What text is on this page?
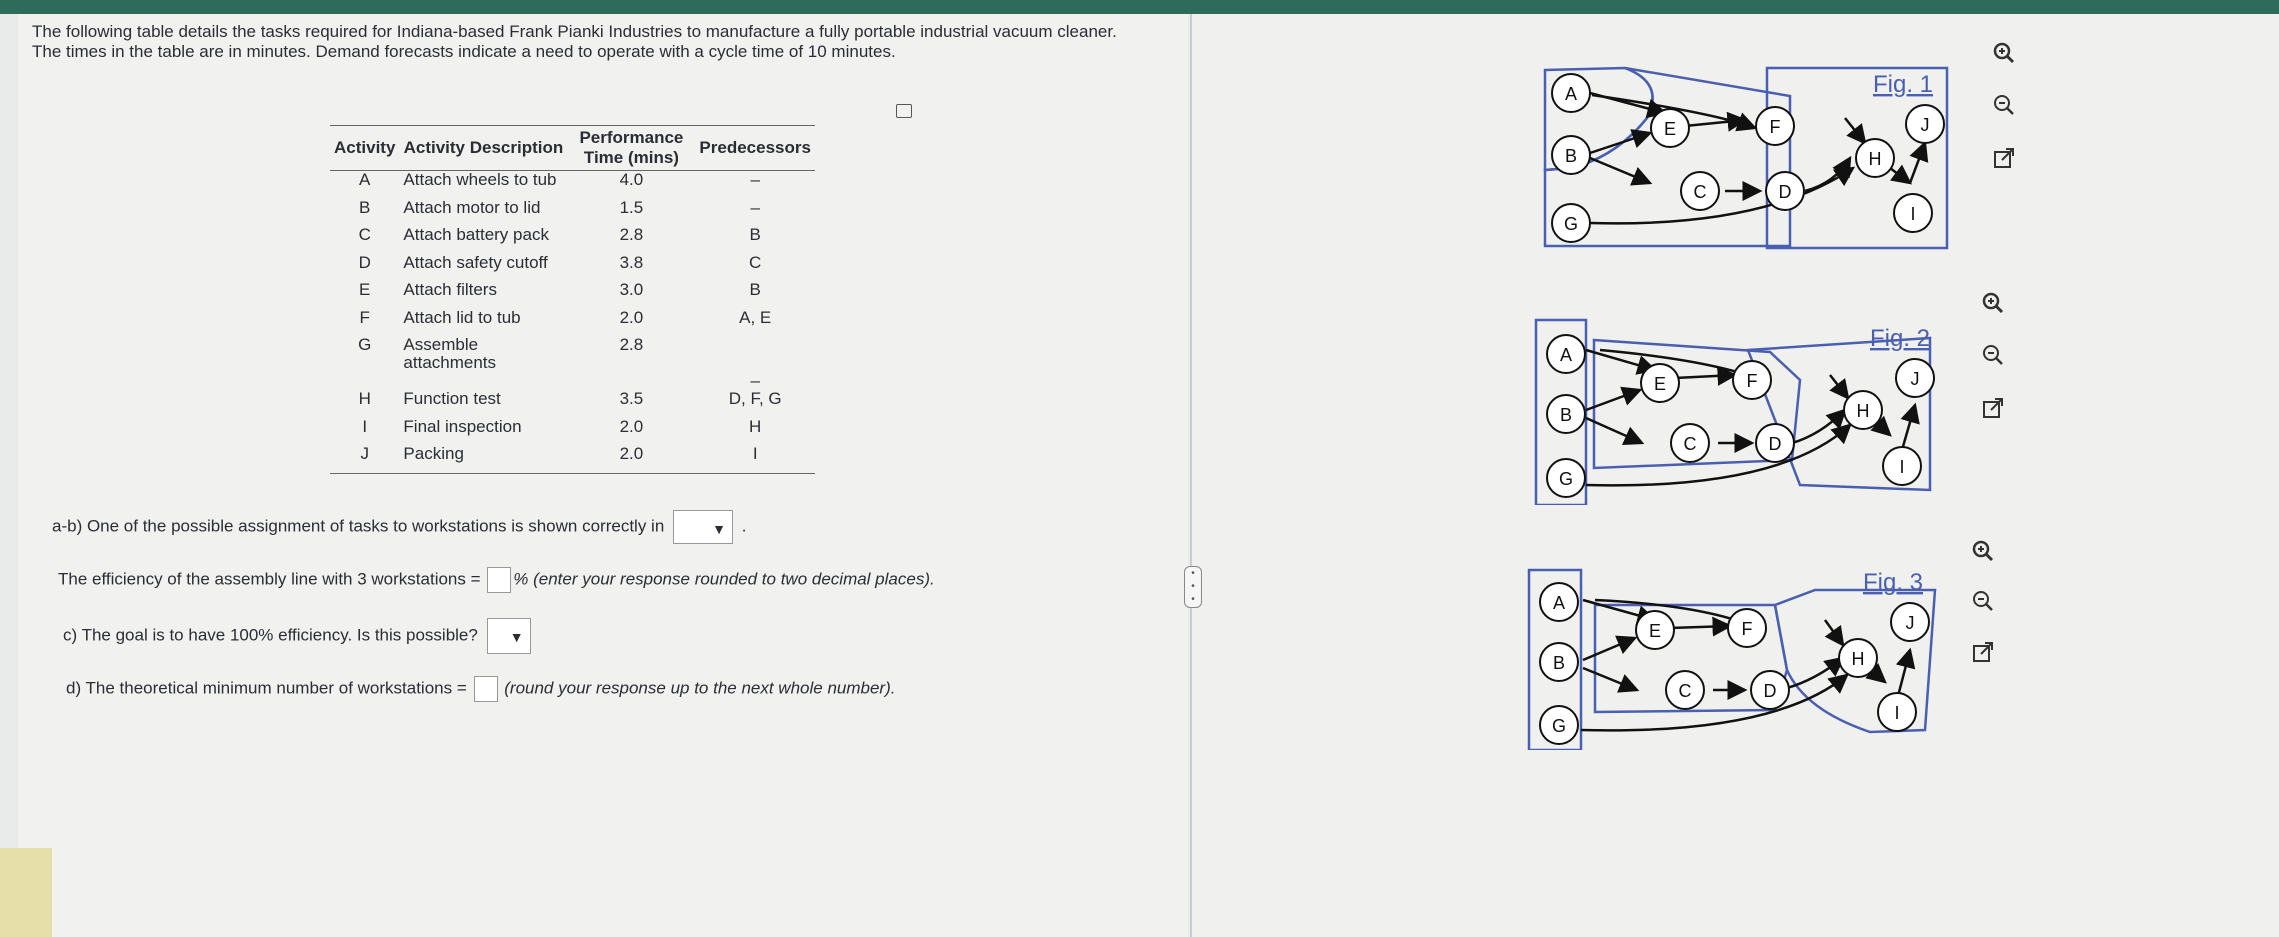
The following table details the tasks required for Indiana-based Frank Pianki Industries to manufacture a fully portable industrial vacuum cleaner. The times in the table are in minutes. Demand forecasts indicate a need to operate with a cycle time of 10 minutes.
Activity	Activity Description	Performance Time (mins)	Predecessors
A	Attach wheels to tub	4.0	–
B	Attach motor to lid	1.5	–
C	Attach battery pack	2.8	B
D	Attach safety cutoff	3.8	C
E	Attach filters	3.0	B
F	Attach lid to tub	2.0	A, E
G	Assemble attachments	2.8	–
H	Function test	3.5	D, F, G
I	Final inspection	2.0	H
J	Packing	2.0	I
a-b) One of the possible assignment of tasks to workstations is shown correctly in	▼ .
The efficiency of the assembly line with 3 workstations = % (enter your response rounded to two decimal places).
c) The goal is to have 100% efficiency. Is this possible? ▼
d) The theoretical minimum number of workstations = (round your response up to the next whole number).
•
•
•
A
B
G
E	F
C	D
H
J
I
Fig. 1
A
B
G
E	F
C	D
H
J
I
Fig. 2
A
B
G
E	F
C	D
H
J
I
Fig. 3
